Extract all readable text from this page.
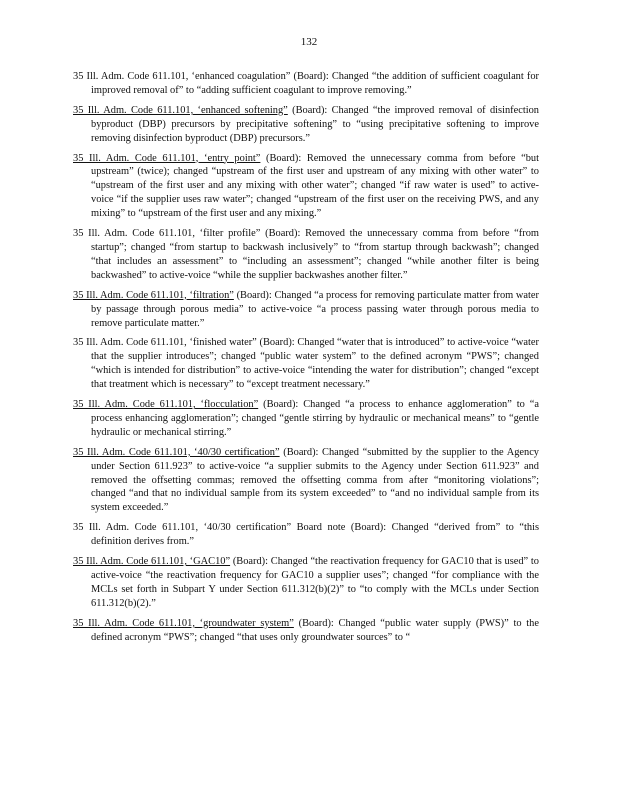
132

35 Ill. Adm. Code 611.101, ‘enhanced coagulation” (Board): Changed “the addition of sufficient coagulant for improved removal of” to “adding sufficient coagulant to improve removing.”

35 Ill. Adm. Code 611.101, ‘enhanced softening” (Board): Changed “the improved removal of disinfection byproduct (DBP) precursors by precipitative softening” to “using precipitative softening to improve removing disinfection byproduct (DBP) precursors.”

35 Ill. Adm. Code 611.101, ‘entry point” (Board): Removed the unnecessary comma from before “but upstream” (twice); changed “upstream of the first user and upstream of any mixing with other water” to “upstream of the first user and any mixing with other water”; changed “if raw water is used” to active-voice “if the supplier uses raw water”; changed “upstream of the first user on the receiving PWS, and any mixing” to “upstream of the first user and any mixing.”

35 Ill. Adm. Code 611.101, ‘filter profile” (Board): Removed the unnecessary comma from before “from startup”; changed “from startup to backwash inclusively” to “from startup through backwash”; changed “that includes an assessment” to “including an assessment”; changed “while another filter is being backwashed” to active-voice “while the supplier backwashes another filter.”

35 Ill. Adm. Code 611.101, ‘filtration” (Board): Changed “a process for removing particulate matter from water by passage through porous media” to active-voice “a process passing water through porous media to remove particulate matter.”

35 Ill. Adm. Code 611.101, ‘finished water” (Board): Changed “water that is introduced” to active-voice “water that the supplier introduces”; changed “public water system” to the defined acronym “PWS”; changed “which is intended for distribution” to active-voice “intending the water for distribution”; changed “except that treatment which is necessary” to “except treatment necessary.”

35 Ill. Adm. Code 611.101, ‘flocculation” (Board): Changed “a process to enhance agglomeration” to “a process enhancing agglomeration”; changed “gentle stirring by hydraulic or mechanical means” to “gentle hydraulic or mechanical stirring.”

35 Ill. Adm. Code 611.101, ‘40/30 certification” (Board): Changed “submitted by the supplier to the Agency under Section 611.923” to active-voice “a supplier submits to the Agency under Section 611.923” and removed the offsetting commas; removed the offsetting comma from after “monitoring violations”; changed “and that no individual sample from its system exceeded” to “and no individual sample from its system exceeded.”

35 Ill. Adm. Code 611.101, ‘40/30 certification” Board note (Board): Changed “derived from” to “this definition derives from.”

35 Ill. Adm. Code 611.101, ‘GAC10” (Board): Changed “the reactivation frequency for GAC10 that is used” to active-voice “the reactivation frequency for GAC10 a supplier uses”; changed “for compliance with the MCLs set forth in Subpart Y under Section 611.312(b)(2)” to “to comply with the MCLs under Section 611.312(b)(2).”

35 Ill. Adm. Code 611.101, ‘groundwater system” (Board): Changed “public water supply (PWS)” to the defined acronym “PWS”; changed “that uses only groundwater sources” to “
